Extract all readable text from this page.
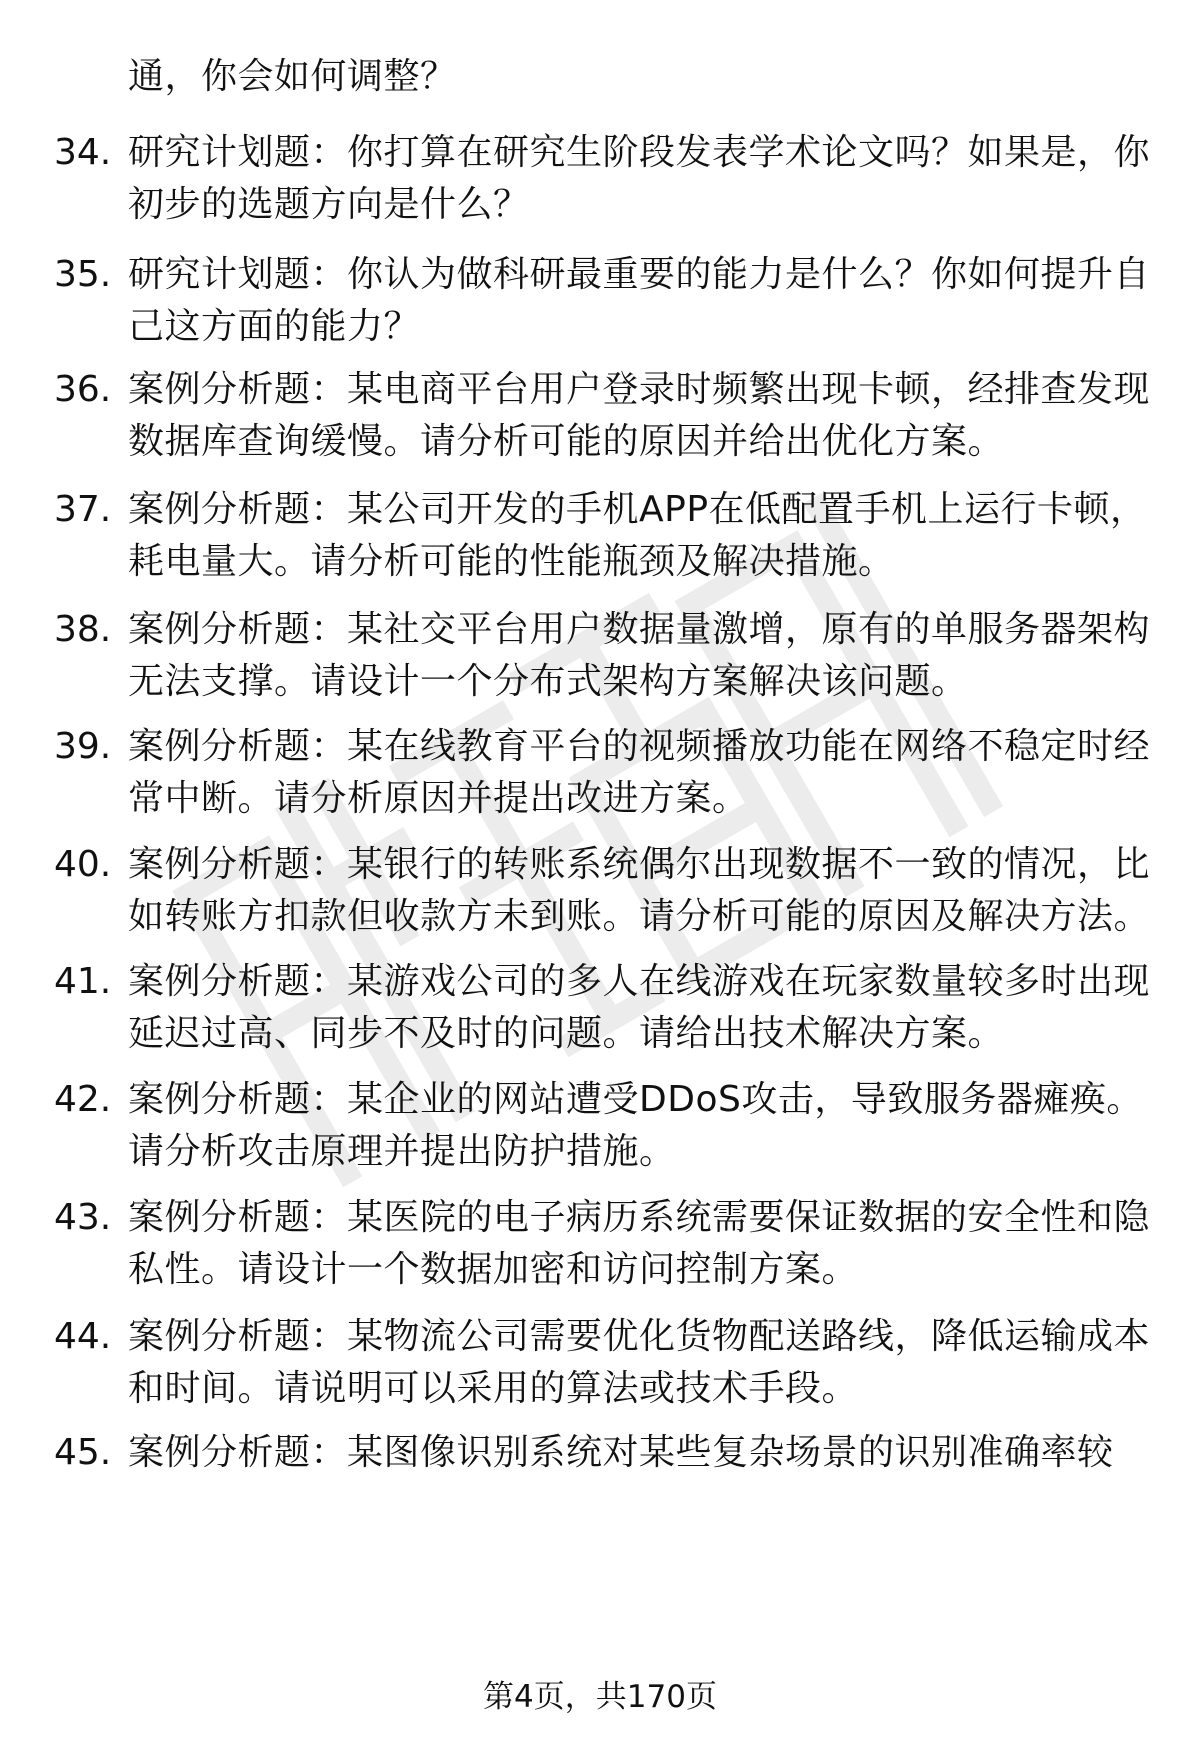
通，你会如何调整？
34. 研究计划题：你打算在研究生阶段发表学术论文吗？如果是，你
初步的选题方向是什么？
35. 研究计划题：你认为做科研最重要的能力是什么？你如何提升自
己这方面的能力？
36. 案例分析题：某电商平台用户登录时频繁出现卡顿，经排查发现
数据库查询缓慢。请分析可能的原因并给出优化方案。
37. 案例分析题：某公司开发的手机APP在低配置手机上运行卡顿，
耗电量大。请分析可能的性能瓶颈及解决措施。
38. 案例分析题：某社交平台用户数据量激增，原有的单服务器架构
无法支撑。请设计一个分布式架构方案解决该问题。
39. 案例分析题：某在线教育平台的视频播放功能在网络不稳定时经
常中断。请分析原因并提出改进方案。
40. 案例分析题：某银行的转账系统偶尔出现数据不一致的情况，比
如转账方扣款但收款方未到账。请分析可能的原因及解决方法。
41. 案例分析题：某游戏公司的多人在线游戏在玩家数量较多时出现
延迟过高、同步不及时的问题。请给出技术解决方案。
42. 案例分析题：某企业的网站遭受DDoS攻击，导致服务器瘫痪。
请分析攻击原理并提出防护措施。
43. 案例分析题：某医院的电子病历系统需要保证数据的安全性和隐
私性。请设计一个数据加密和访问控制方案。
44. 案例分析题：某物流公司需要优化货物配送路线，降低运输成本
和时间。请说明可以采用的算法或技术手段。
45. 案例分析题：某图像识别系统对某些复杂场景的识别准确率较
第4页，共170页
